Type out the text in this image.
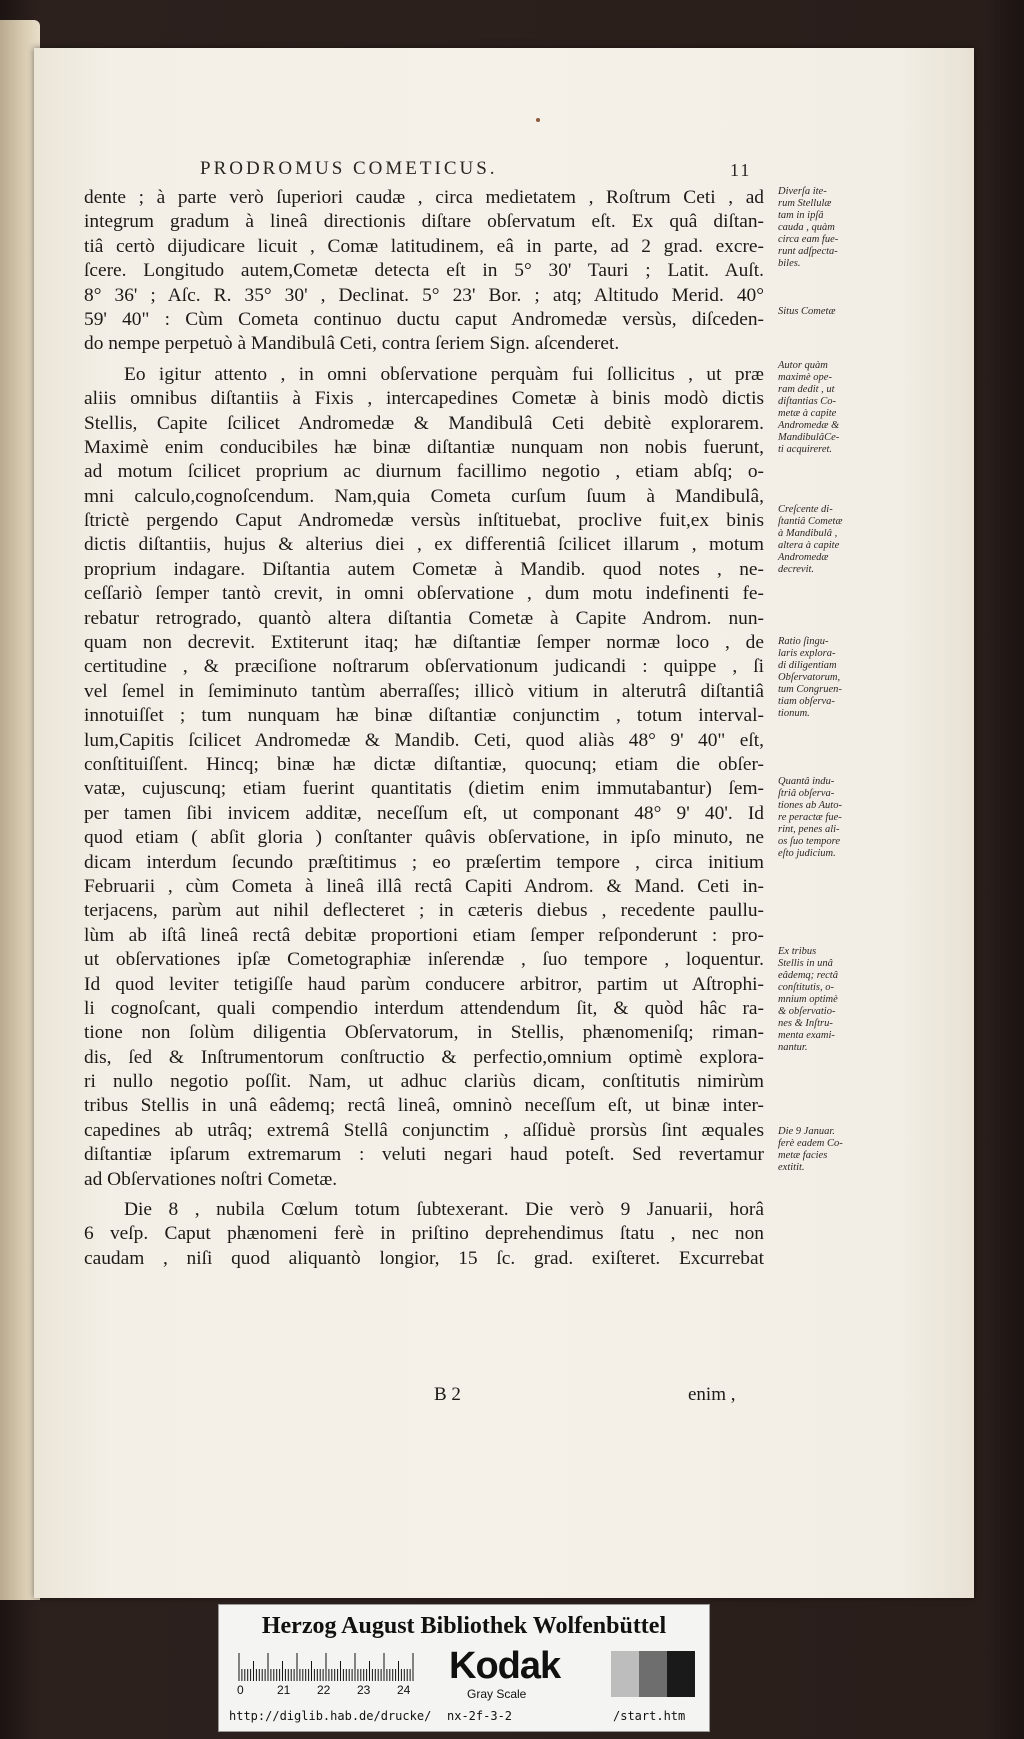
PRODROMUS COMETICUS.	11
dente ; à parte verò ſuperiori caudæ , circa medietatem , Roſtrum Ceti , ad
integrum gradum à lineâ directionis diſtare obſervatum eſt. Ex quâ diſtan-
tiâ certò dijudicare licuit , Comæ latitudinem, eâ in parte, ad 2 grad. excre-
ſcere. Longitudo autem,Cometæ detecta eſt in 5° 30' Tauri ; Latit. Auſt.
8° 36' ; Aſc. R. 35° 30' , Declinat. 5° 23' Bor. ; atq; Altitudo Merid. 40°
59' 40" : Cùm Cometa continuo ductu caput Andromedæ versùs, diſceden-
do nempe perpetuò à Mandibulâ Ceti, contra ſeriem Sign. aſcenderet.
Eo igitur attento , in omni obſervatione perquàm fui ſollicitus , ut præ
aliis omnibus diſtantiis à Fixis , intercapedines Cometæ à binis modò dictis
Stellis, Capite ſcilicet Andromedæ & Mandibulâ Ceti debitè explorarem.
Maximè enim conducibiles hæ binæ diſtantiæ nunquam non nobis fuerunt,
ad motum ſcilicet proprium ac diurnum facillimo negotio , etiam abſq; o-
mni calculo,cognoſcendum. Nam,quia Cometa curſum ſuum à Mandibulâ,
ſtrictè pergendo Caput Andromedæ versùs inſtituebat, proclive fuit,ex binis
dictis diſtantiis, hujus & alterius diei , ex differentiâ ſcilicet illarum , motum
proprium indagare. Diſtantia autem Cometæ à Mandib. quod notes , ne-
ceſſariò ſemper tantò crevit, in omni obſervatione , dum motu indefinenti fe-
rebatur retrogrado, quantò altera diſtantia Cometæ à Capite Androm. nun-
quam non decrevit. Extiterunt itaq; hæ diſtantiæ ſemper normæ loco , de
certitudine , & præciſione noſtrarum obſervationum judicandi : quippe , ſi
vel ſemel in ſemiminuto tantùm aberraſſes; illicò vitium in alterutrâ diſtantiâ
innotuiſſet ; tum nunquam hæ binæ diſtantiæ conjunctim , totum interval-
lum,Capitis ſcilicet Andromedæ & Mandib. Ceti, quod aliàs 48° 9' 40" eſt,
conſtituiſſent. Hincq; binæ hæ dictæ diſtantiæ, quocunq; etiam die obſer-
vatæ, cujuscunq; etiam fuerint quantitatis (dietim enim immutabantur) ſem-
per tamen ſibi invicem additæ, neceſſum eſt, ut componant 48° 9' 40'. Id
quod etiam ( abſit gloria ) conſtanter quâvis obſervatione, in ipſo minuto, ne
dicam interdum ſecundo præſtitimus ; eo præſertim tempore , circa initium
Februarii , cùm Cometa à lineâ illâ rectâ Capiti Androm. & Mand. Ceti in-
terjacens, parùm aut nihil deflecteret ; in cæteris diebus , recedente paullu-
lùm ab iſtâ lineâ rectâ debitæ proportioni etiam ſemper reſponderunt : pro-
ut obſervationes ipſæ Cometographiæ inſerendæ , ſuo tempore , loquentur.
Id quod leviter tetigiſſe haud parùm conducere arbitror, partim ut Aſtrophi-
li cognoſcant, quali compendio interdum attendendum ſit, & quòd hâc ra-
tione non ſolùm diligentia Obſervatorum, in Stellis, phænomeniſq; riman-
dis, ſed & Inſtrumentorum conſtructio & perfectio,omnium optimè explora-
ri nullo negotio poſſit. Nam, ut adhuc clariùs dicam, conſtitutis nimirùm
tribus Stellis in unâ eâdemq; rectâ lineâ, omninò neceſſum eſt, ut binæ inter-
capedines ab utrâq; extremâ Stellâ conjunctim , aſſiduè prorsùs ſint æquales
diſtantiæ ipſarum extremarum : veluti negari haud poteſt. Sed revertamur
ad Obſervationes noſtri Cometæ.
Die 8 , nubila Cœlum totum ſubtexerant. Die verò 9 Januarii, horâ
6 veſp. Caput phænomeni ferè in priſtino deprehendimus ſtatu , nec non
caudam , niſi quod aliquantò longior, 15 ſc. grad. exiſteret. Excurrebat
Diverſa ite-
rum Stellulæ
tam in ipſâ
cauda , quàm
circa eam fue-
runt adſpecta-
biles.
Situs Cometæ
Autor quàm
maximè ope-
ram dedit , ut
diſtantias Co-
metæ à capite
Andromedæ &
MandibulâCe-
ti acquireret.
Creſcente di-
ſtantiâ Cometæ
à Mandibulâ ,
altera à capite
Andromedæ
decrevit.
Ratio ſingu-
laris explora-
di diligentiam
Obſervatorum,
tum Congruen-
tiam obſerva-
tionum.
Quantâ indu-
ſtriâ obſerva-
tiones ab Auto-
re peractæ fue-
rint, penes ali-
os ſuo tempore
eſto judicium.
Ex tribus
Stellis in unâ
eâdemq; rectâ
conſtitutis, o-
mnium optimè
& obſervatio-
nes & Inſtru-
menta exami-
nantur.
Die 9 Januar.
ferè eadem Co-
metæ facies
extitit.
B 2	enim ,
Herzog August Bibliothek Wolfenbüttel
0	21 22 23 24
Kodak
Gray Scale
http://diglib.hab.de/drucke/ nx-2f-3-2	/start.htm
